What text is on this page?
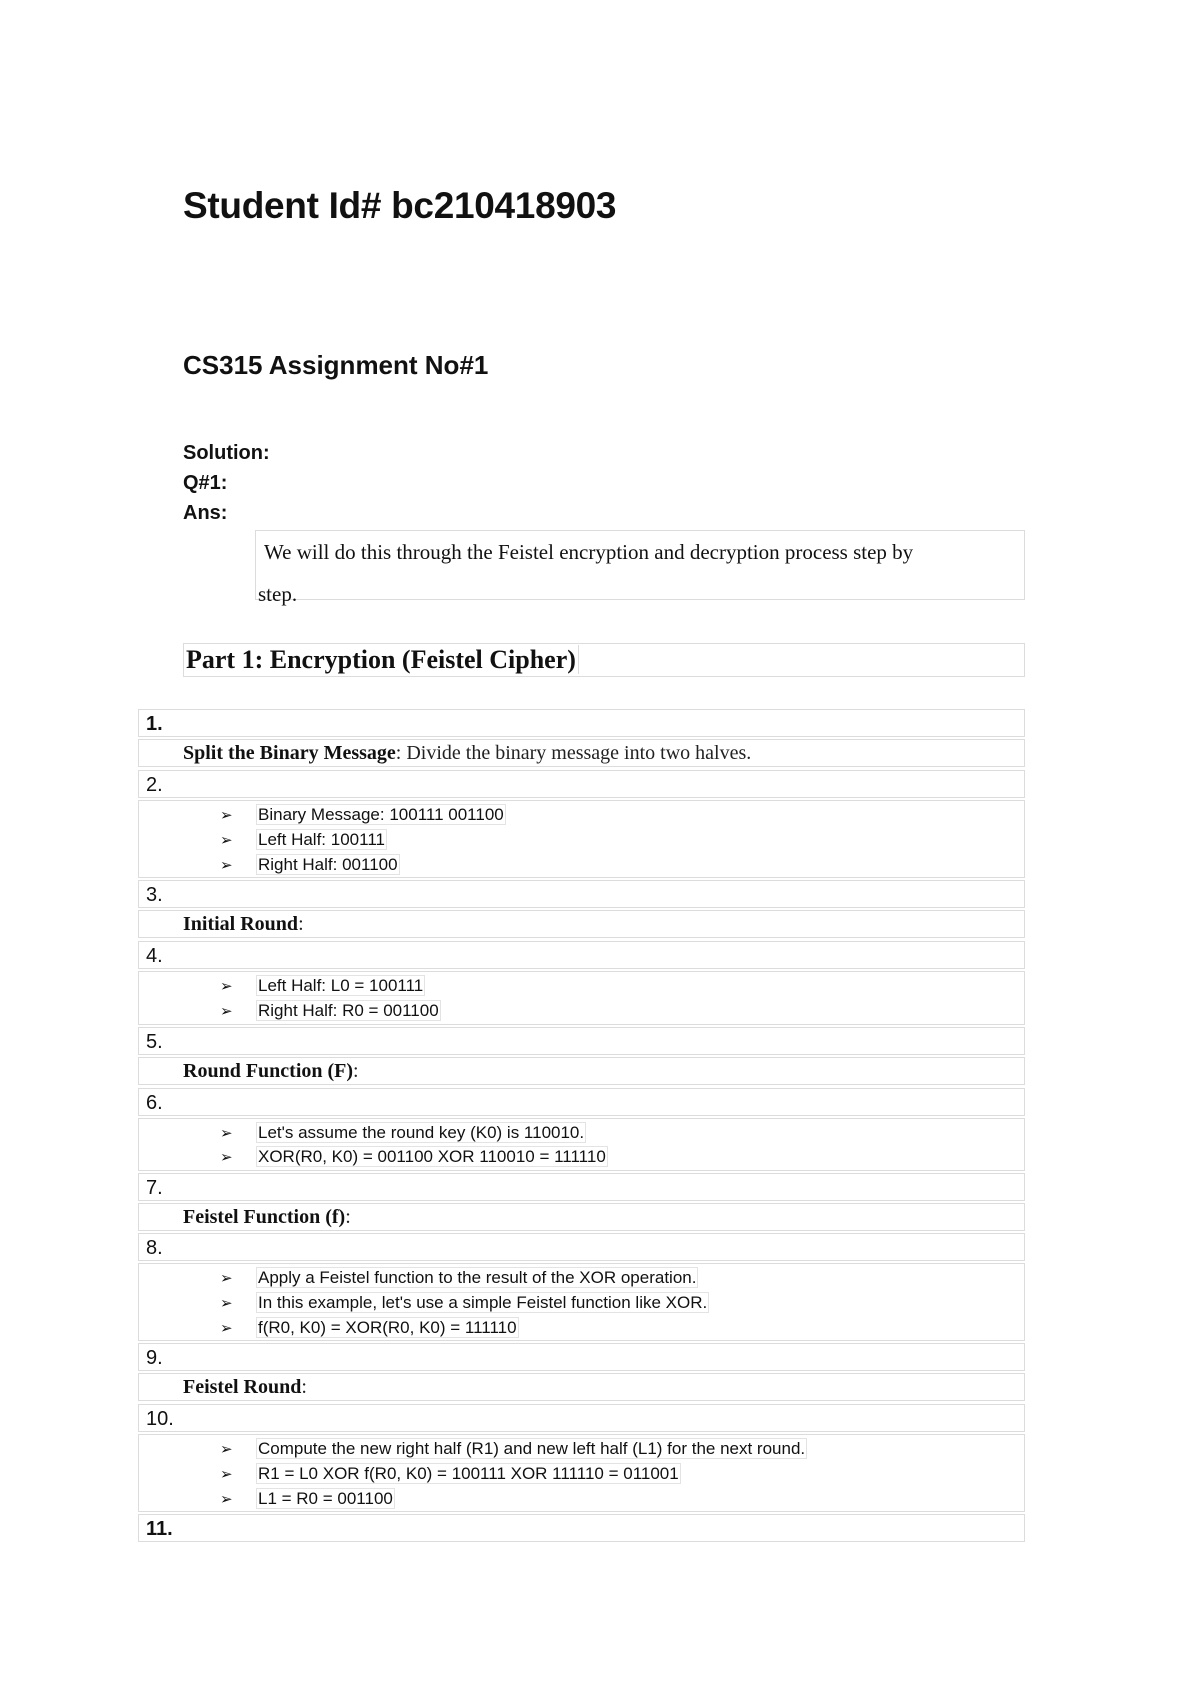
Student Id# bc210418903
CS315 Assignment No#1
Solution:
Q#1:
Ans:
We will do this through the Feistel encryption and decryption process step by
step.
Part 1: Encryption (Feistel Cipher)
1.
Split the Binary Message: Divide the binary message into two halves.
2.
➢ Binary Message: 100111 001100
➢ Left Half: 100111
➢ Right Half: 001100
3.
Initial Round:
4.
➢ Left Half: L0 = 100111
➢ Right Half: R0 = 001100
5.
Round Function (F):
6.
➢ Let's assume the round key (K0) is 110010.
➢ XOR(R0, K0) = 001100 XOR 110010 = 111110
7.
Feistel Function (f):
8.
➢ Apply a Feistel function to the result of the XOR operation.
➢ In this example, let's use a simple Feistel function like XOR.
➢ f(R0, K0) = XOR(R0, K0) = 111110
9.
Feistel Round:
10.
➢ Compute the new right half (R1) and new left half (L1) for the next round.
➢ R1 = L0 XOR f(R0, K0) = 100111 XOR 111110 = 011001
➢ L1 = R0 = 001100
11.
